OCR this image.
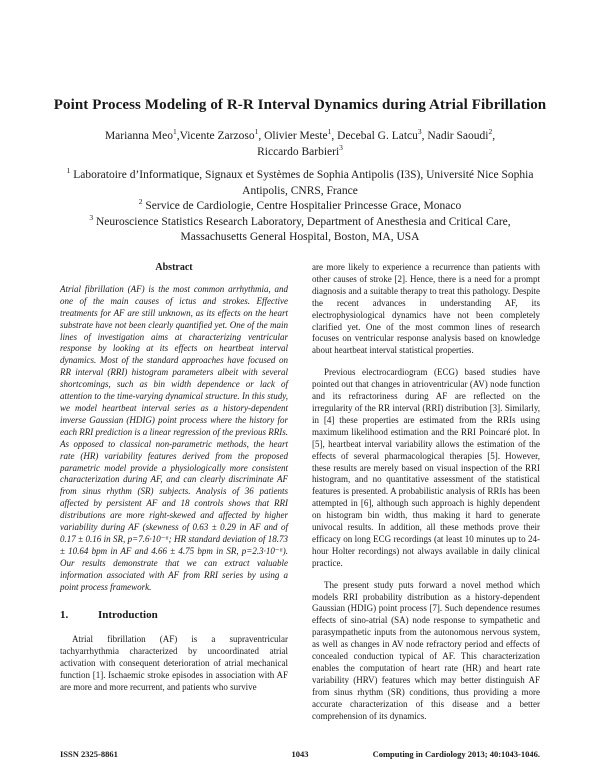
Point Process Modeling of R-R Interval Dynamics during Atrial Fibrillation
Marianna Meo$^1$,Vicente Zarzoso$^1$, Olivier Meste$^1$, Decebal G. Latcu$^3$, Nadir Saoudi$^2$,
Riccardo Barbieri$^3$
$^1$ Laboratoire d’Informatique, Signaux et Systèmes de Sophia Antipolis (I3S), Université Nice Sophia Antipolis, CNRS, France
$^2$ Service de Cardiologie, Centre Hospitalier Princesse Grace, Monaco
$^3$ Neuroscience Statistics Research Laboratory, Department of Anesthesia and Critical Care, Massachusetts General Hospital, Boston, MA, USA
Abstract

Atrial fibrillation (AF) is the most common arrhythmia, and one of the main causes of ictus and strokes. Effective treatments for AF are still unknown, as its effects on the heart substrate have not been clearly quantified yet. One of the main lines of investigation aims at characterizing ventricular response by looking at its effects on heartbeat interval dynamics. Most of the standard approaches have focused on RR interval (RRI) histogram parameters albeit with several shortcomings, such as bin width dependence or lack of attention to the time-varying dynamical structure. In this study, we model heartbeat interval series as a history-dependent inverse Gaussian (HDIG) point process where the history for each RRI prediction is a linear regression of the previous RRIs. As opposed to classical non-parametric methods, the heart rate (HR) variability features derived from the proposed parametric model provide a physiologically more consistent characterization during AF, and can clearly discriminate AF from sinus rhythm (SR) subjects. Analysis of 36 patients affected by persistent AF and 18 controls shows that RRI distributions are more right-skewed and affected by higher variability during AF (skewness of 0.63 ± 0.29 in AF and of 0.17 ± 0.16 in SR, p=7.6·10⁻⁶; HR standard deviation of 18.73 ± 10.64 bpm in AF and 4.66 ± 4.75 bpm in SR, p=2.3·10⁻⁶). Our results demonstrate that we can extract valuable information associated with AF from RRI series by using a point process framework.

1.	Introduction

Atrial fibrillation (AF) is a supraventricular tachyarrhythmia characterized by uncoordinated atrial activation with consequent deterioration of atrial mechanical function [1]. Ischaemic stroke episodes in association with AF are more and more recurrent, and patients who survive

are more likely to experience a recurrence than patients with other causes of stroke [2]. Hence, there is a need for a prompt diagnosis and a suitable therapy to treat this pathology. Despite the recent advances in understanding AF, its electrophysiological dynamics have not been completely clarified yet. One of the most common lines of research focuses on ventricular response analysis based on knowledge about heartbeat interval statistical properties.

Previous electrocardiogram (ECG) based studies have pointed out that changes in atrioventricular (AV) node function and its refractoriness during AF are reflected on the irregularity of the RR interval (RRI) distribution [3]. Similarly, in [4] these properties are estimated from the RRIs using maximum likelihood estimation and the RRI Poincaré plot. In [5], heartbeat interval variability allows the estimation of the effects of several pharmacological therapies [5]. However, these results are merely based on visual inspection of the RRI histogram, and no quantitative assessment of the statistical features is presented. A probabilistic analysis of RRIs has been attempted in [6], although such approach is highly dependent on histogram bin width, thus making it hard to generate univocal results. In addition, all these methods prove their efficacy on long ECG recordings (at least 10 minutes up to 24-hour Holter recordings) not always available in daily clinical practice.

The present study puts forward a novel method which models RRI probability distribution as a history-dependent Gaussian (HDIG) point process [7]. Such dependence resumes effects of sino-atrial (SA) node response to sympathetic and parasympathetic inputs from the autonomous nervous system, as well as changes in AV node refractory period and effects of concealed conduction typical of AF. This characterization enables the computation of heart rate (HR) and heart rate variability (HRV) features which may better distinguish AF from sinus rhythm (SR) conditions, thus providing a more accurate characterization of this disease and a better comprehension of its dynamics.

ISSN 2325-8861	1043	Computing in Cardiology 2013; 40:1043-1046.
